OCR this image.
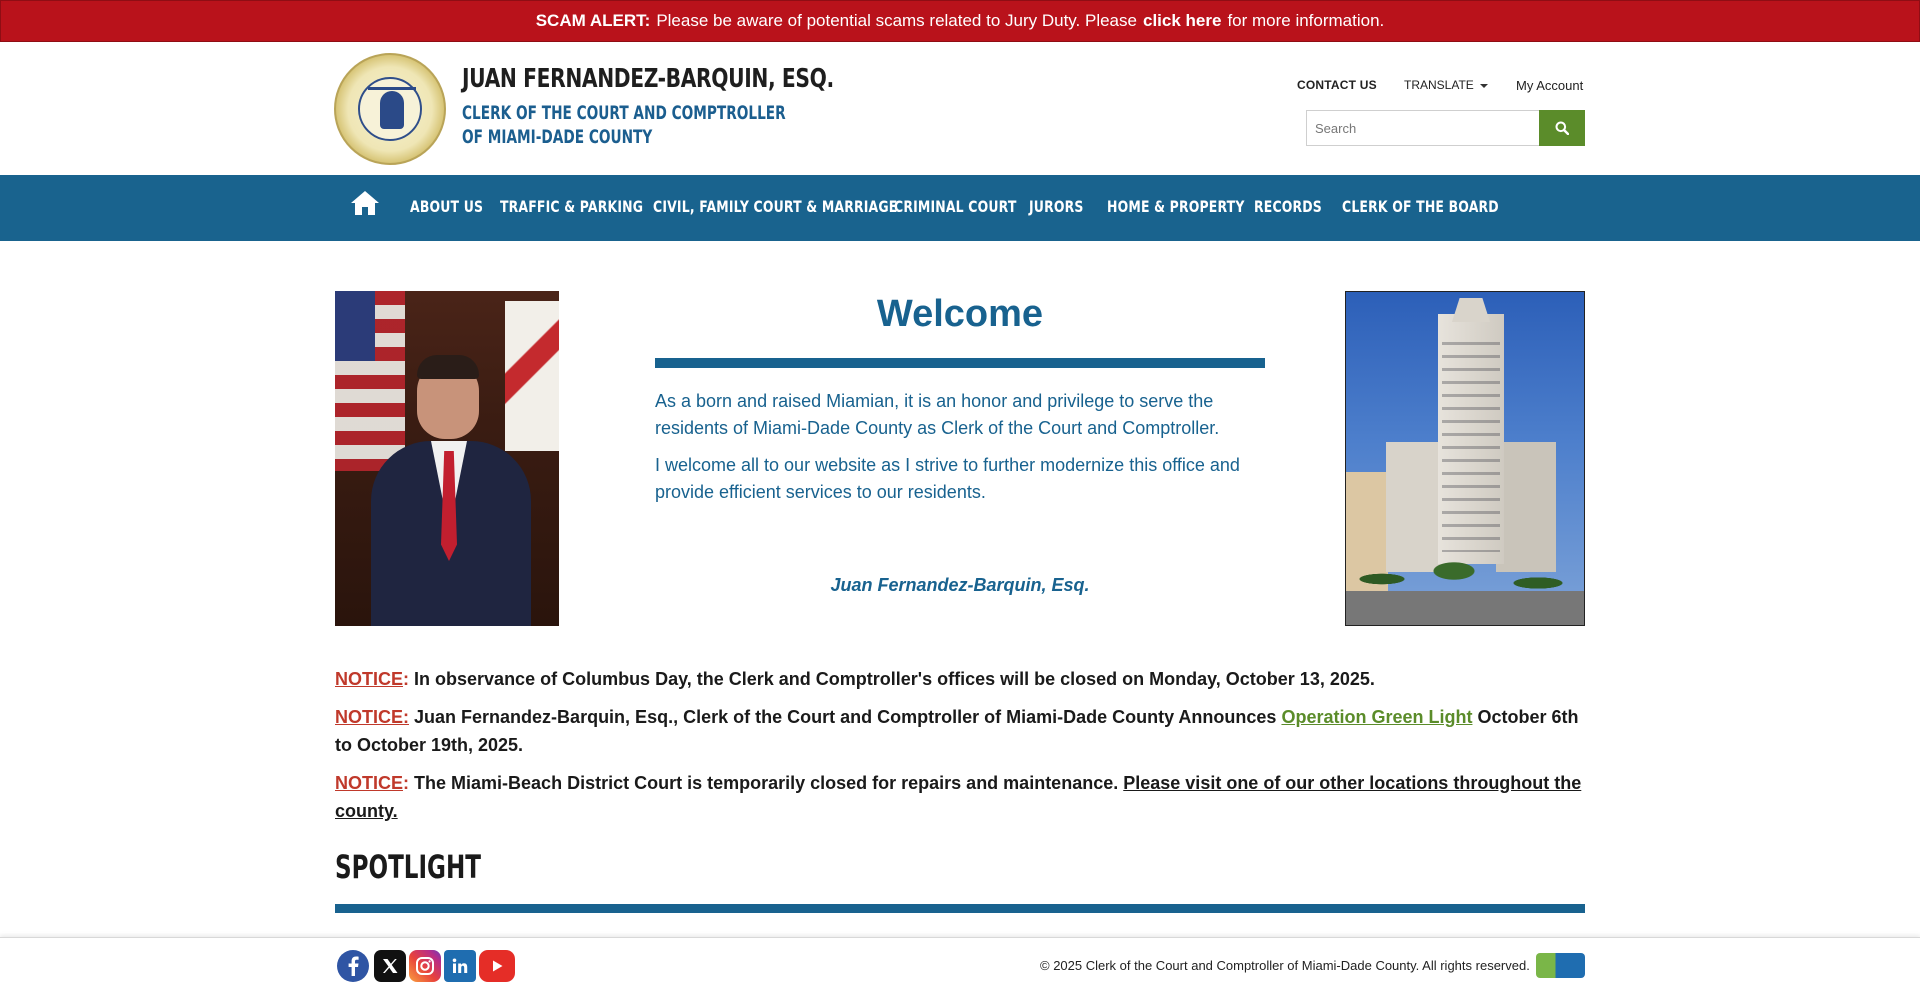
SCAM ALERT: Please be aware of potential scams related to Jury Duty. Please click here for more information.
JUAN FERNANDEZ-BARQUIN, ESQ.
CLERK OF THE COURT AND COMPTROLLER
OF MIAMI-DADE COUNTY
CONTACT US TRANSLATE	My Account
Search
ABOUT US TRAFFIC & PARKING CIVIL, FAMILY COURT & MARRIAGE
CRIMINAL COURT JURORS HOME & PROPERTY RECORDS CLERK OF THE BOARD
Welcome

As a born and raised Miamian, it is an honor and privilege to serve the residents of Miami-Dade County as Clerk of the Court and Comptroller.

I welcome all to our website as I strive to further modernize this office and provide efficient services to our residents.

Juan Fernandez-Barquin, Esq.
NOTICE: In observance of Columbus Day, the Clerk and Comptroller's offices will be closed on Monday, October 13, 2025.
NOTICE: Juan Fernandez-Barquin, Esq., Clerk of the Court and Comptroller of Miami-Dade County Announces Operation Green Light October 6th to October 19th, 2025.
NOTICE: The Miami-Beach District Court is temporarily closed for repairs and maintenance. Please visit one of our other locations throughout the county.
SPOTLIGHT
© 2025 Clerk of the Court and Comptroller of Miami-Dade County. All rights reserved.
